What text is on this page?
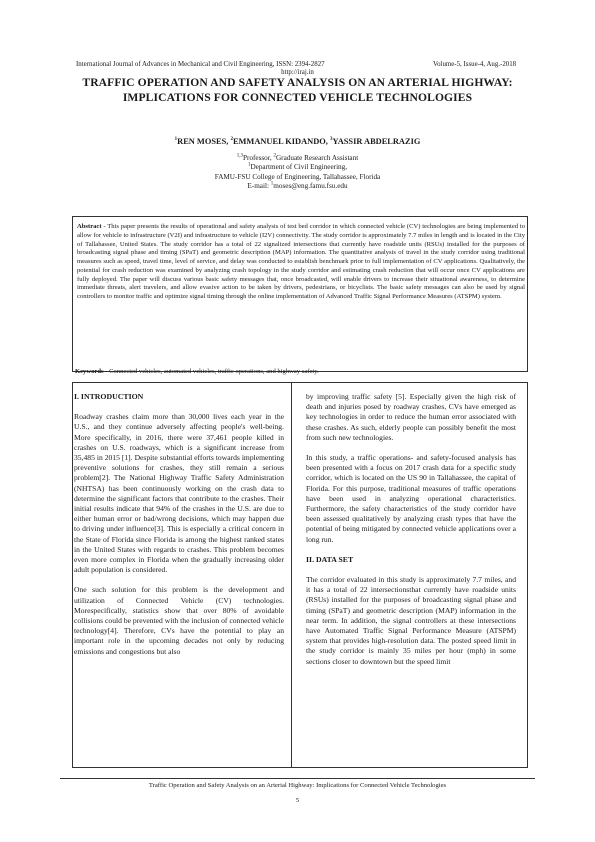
International Journal of Advances in Mechanical and Civil Engineering, ISSN: 2394-2827	Volume-5, Issue-4, Aug.-2018
http://iraj.in
TRAFFIC OPERATION AND SAFETY ANALYSIS ON AN ARTERIAL HIGHWAY: IMPLICATIONS FOR CONNECTED VEHICLE TECHNOLOGIES
$^1$REN MOSES, $^2$EMMANUEL KIDANDO, $^3$YASSIR ABDELRAZIG
$^{1,3}$Professor, $^2$Graduate Research Assistant
$^1$Department of Civil Engineering,
FAMU-FSU College of Engineering, Tallahassee, Florida
E-mail: $^1$moses@eng.famu.fsu.edu

Abstract - This paper presents the results of operational and safety analysis of test bed corridor in which connected vehicle (CV) technologies are being implemented to allow for vehicle to infrastructure (V2I) and infrastructure to vehicle (I2V) connectivity. The study corridor is approximately 7.7 miles in length and is located in the City of Tallahassee, United States. The study corridor has a total of 22 signalized intersections that currently have roadside units (RSUs) installed for the purposes of broadcasting signal phase and timing (SPaT) and geometric description (MAP) information. The quantitative analysis of travel in the study corridor using traditional measures such as speed, travel time, level of service, and delay was conducted to establish benchmark prior to full implementation of CV applications. Qualitatively, the potential for crash reduction was examined by analyzing crash topology in the study corridor and estimating crash reduction that will occur once CV applications are fully deployed. The paper will discuss various basic safety messages that, once broadcasted, will enable drivers to increase their situational awareness, to determine immediate threats, alert travelers, and allow evasive action to be taken by drivers, pedestrians, or bicyclists. The basic safety messages can also be used by signal controllers to monitor traffic and optimize signal timing through the online implementation of Advanced Traffic Signal Performance Measures (ATSPM) system.

Keywords - Connected vehicles, automated vehicles, traffic operations, and highway safety.
I. INTRODUCTION

Roadway crashes claim more than 30,000 lives each year in the U.S., and they continue adversely affecting people's well-being. More specifically, in 2016, there were 37,461 people killed in crashes on U.S. roadways, which is a significant increase from 35,485 in 2015 [1]. Despite substantial efforts towards implementing preventive solutions for crashes, they still remain a serious problem[2]. The National Highway Traffic Safety Administration (NHTSA) has been continuously working on the crash data to determine the significant factors that contribute to the crashes. Their initial results indicate that 94% of the crashes in the U.S. are due to either human error or bad/wrong decisions, which may happen due to driving under influence[3]. This is especially a critical concern in the State of Florida since Florida is among the highest ranked states in the United States with regards to crashes. This problem becomes even more complex in Florida when the gradually increasing older adult population is considered.

One such solution for this problem is the development and utilization of Connected Vehicle (CV) technologies. Morespecifically, statistics show that over 80% of avoidable collisions could be prevented with the inclusion of connected vehicle technology[4]. Therefore, CVs have the potential to play an important role in the upcoming decades not only by reducing emissions and congestions but also

by improving traffic safety [5]. Especially given the high risk of death and injuries posed by roadway crashes, CVs have emerged as key technologies in order to reduce the human error associated with these crashes. As such, elderly people can possibly benefit the most from such new technologies.

In this study, a traffic operations- and safety-focused analysis has been presented with a focus on 2017 crash data for a specific study corridor, which is located on the US 90 in Tallahassee, the capital of Florida. For this purpose, traditional measures of traffic operations have been used in analyzing operational characteristics. Furthermore, the safety characteristics of the study corridor have been assessed qualitatively by analyzing crash types that have the potential of being mitigated by connected vehicle applications over a long run.

II. DATA SET

The corridor evaluated in this study is approximately 7.7 miles, and it has a total of 22 intersectionsthat currently have roadside units (RSUs) installed for the purposes of broadcasting signal phase and timing (SPaT) and geometric description (MAP) information in the near term. In addition, the signal controllers at these intersections have Automated Traffic Signal Performance Measure (ATSPM) system that provides high-resolution data. The posted speed limit in the study corridor is mainly 35 miles per hour (mph) in some sections closer to downtown but the speed limit

Traffic Operation and Safety Analysis on an Arterial Highway: Implications for Connected Vehicle Technologies
5
